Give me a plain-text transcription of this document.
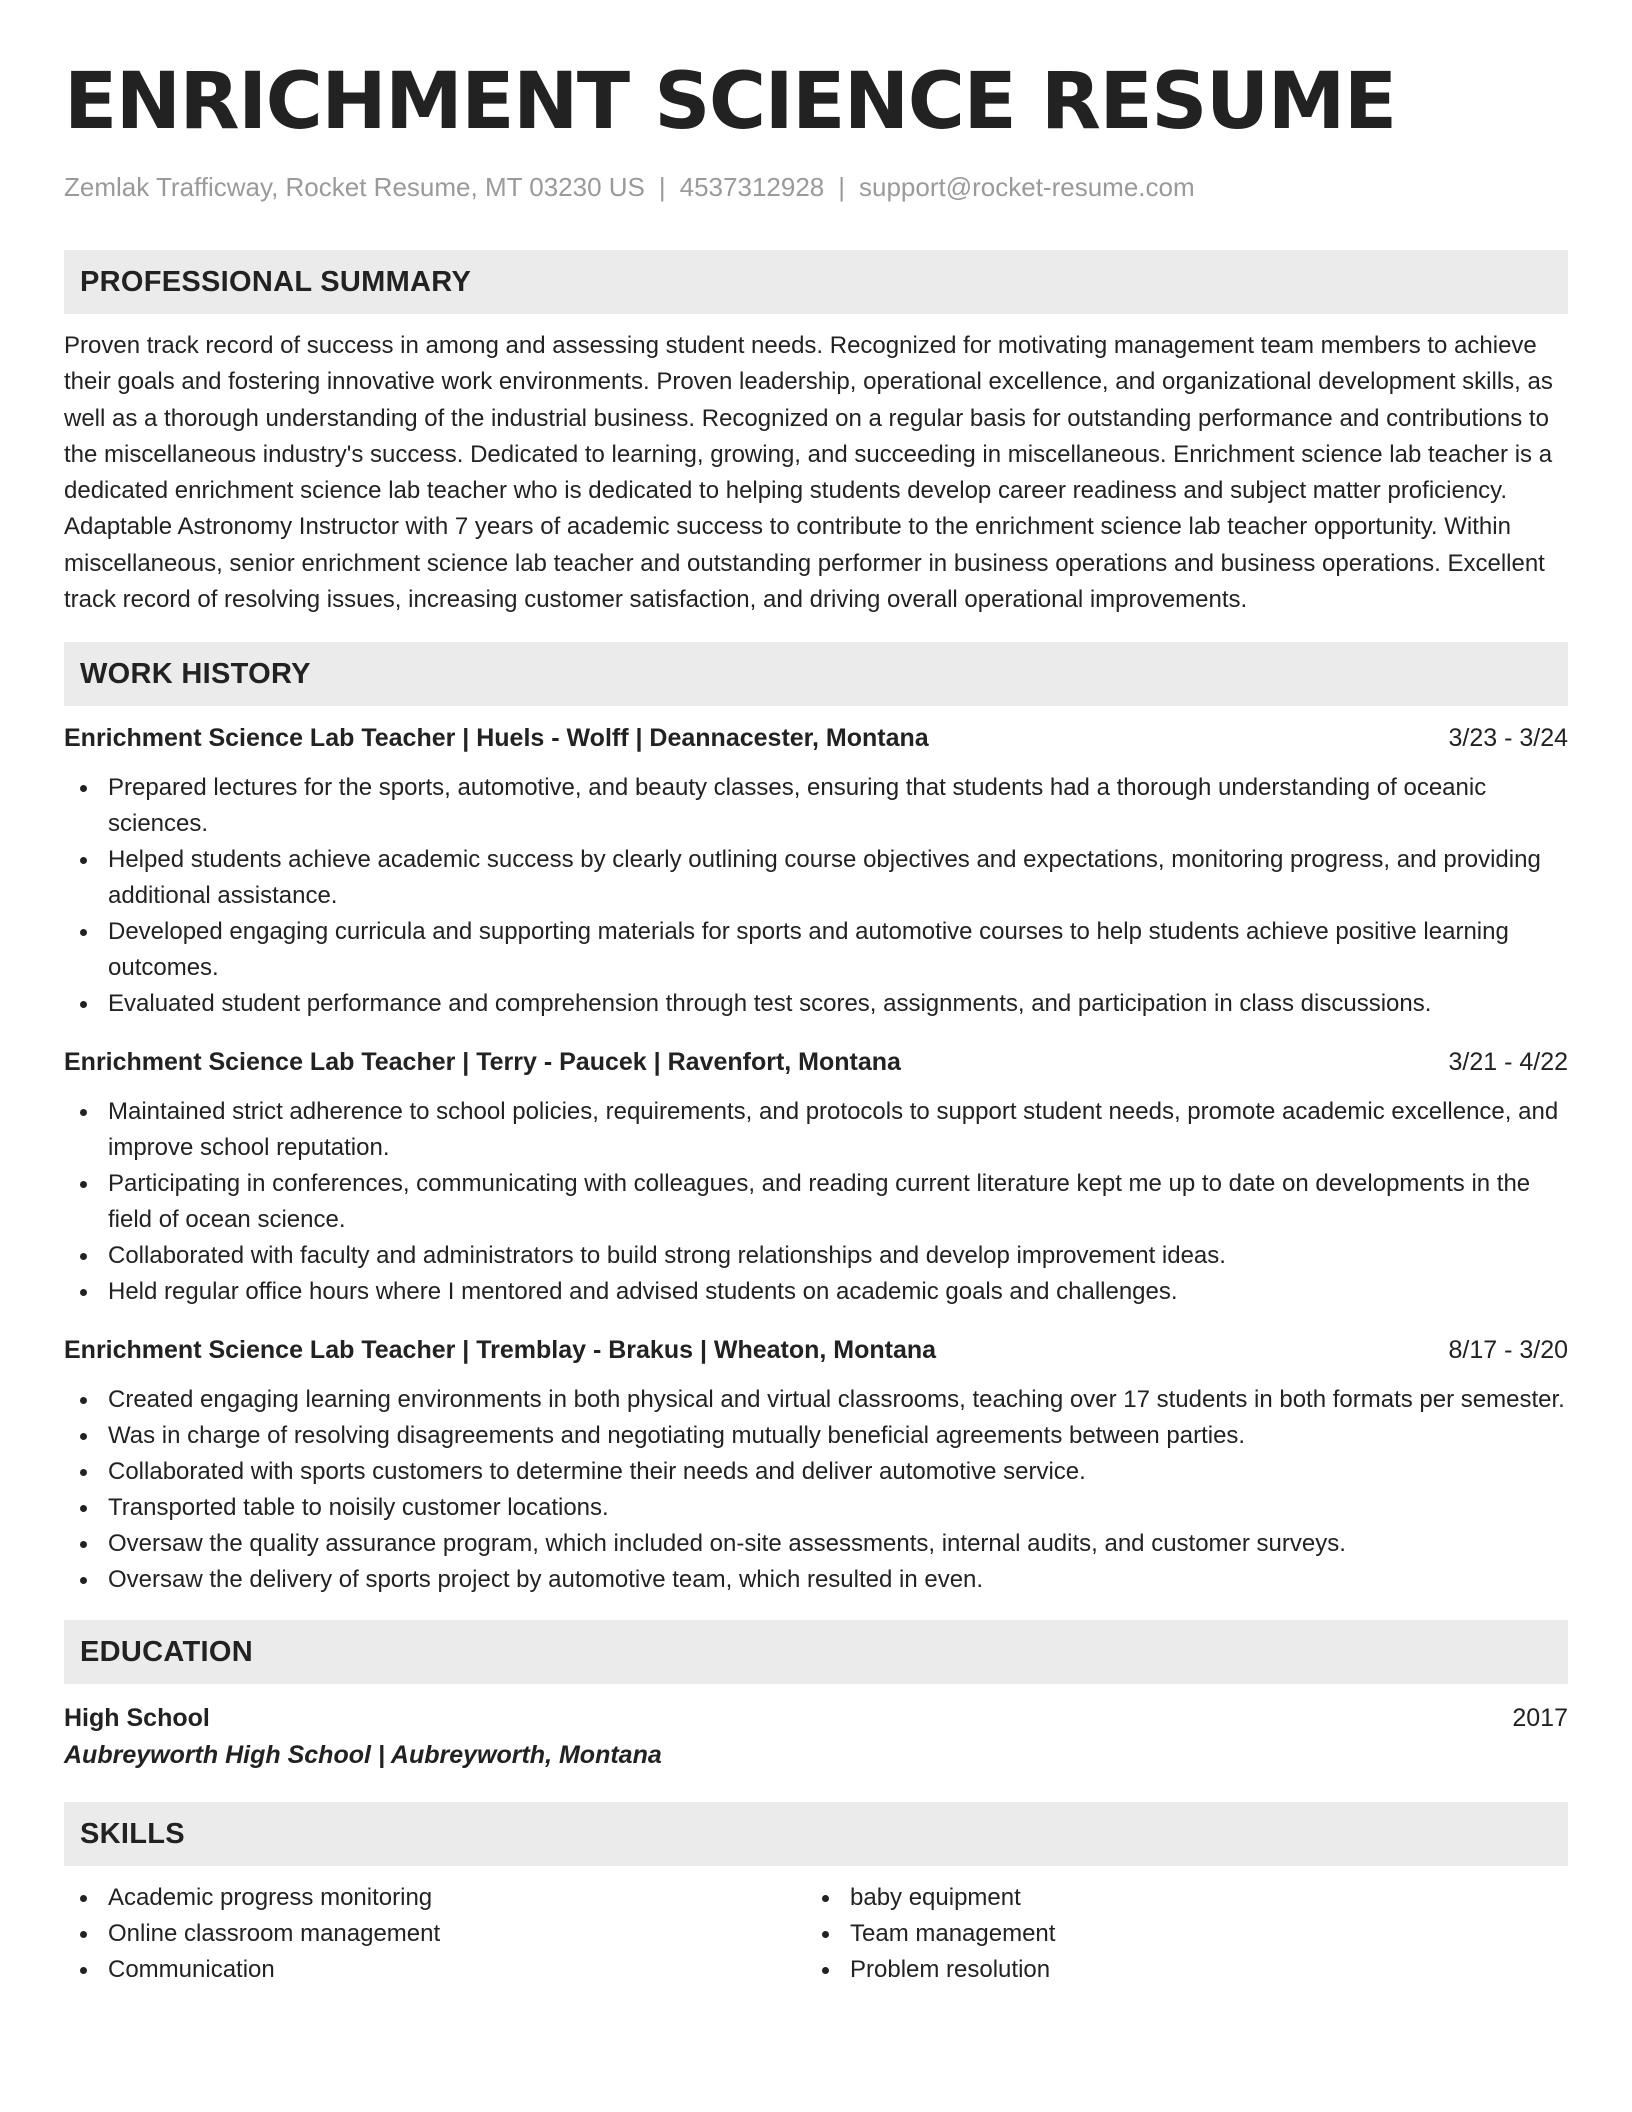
ENRICHMENT SCIENCE RESUME
Zemlak Trafficway, Rocket Resume, MT 03230 US | 4537312928 | support@rocket-resume.com
PROFESSIONAL SUMMARY

Proven track record of success in among and assessing student needs. Recognized for motivating management team members to achieve their goals and fostering innovative work environments. Proven leadership, operational excellence, and organizational development skills, as well as a thorough understanding of the industrial business. Recognized on a regular basis for outstanding performance and contributions to the miscellaneous industry's success. Dedicated to learning, growing, and succeeding in miscellaneous. Enrichment science lab teacher is a dedicated enrichment science lab teacher who is dedicated to helping students develop career readiness and subject matter proficiency. Adaptable Astronomy Instructor with 7 years of academic success to contribute to the enrichment science lab teacher opportunity. Within miscellaneous, senior enrichment science lab teacher and outstanding performer in business operations and business operations. Excellent track record of resolving issues, increasing customer satisfaction, and driving overall operational improvements.

WORK HISTORY
Enrichment Science Lab Teacher | Huels - Wolff | Deannacester, Montana	3/23 - 3/24
Prepared lectures for the sports, automotive, and beauty classes, ensuring that students had a thorough understanding of oceanic sciences.
Helped students achieve academic success by clearly outlining course objectives and expectations, monitoring progress, and providing additional assistance.
Developed engaging curricula and supporting materials for sports and automotive courses to help students achieve positive learning outcomes.
Evaluated student performance and comprehension through test scores, assignments, and participation in class discussions.
Enrichment Science Lab Teacher | Terry - Paucek | Ravenfort, Montana	3/21 - 4/22
Maintained strict adherence to school policies, requirements, and protocols to support student needs, promote academic excellence, and improve school reputation.
Participating in conferences, communicating with colleagues, and reading current literature kept me up to date on developments in the field of ocean science.
Collaborated with faculty and administrators to build strong relationships and develop improvement ideas.
Held regular office hours where I mentored and advised students on academic goals and challenges.
Enrichment Science Lab Teacher | Tremblay - Brakus | Wheaton, Montana	8/17 - 3/20
Created engaging learning environments in both physical and virtual classrooms, teaching over 17 students in both formats per semester.
Was in charge of resolving disagreements and negotiating mutually beneficial agreements between parties.
Collaborated with sports customers to determine their needs and deliver automotive service.
Transported table to noisily customer locations.
Oversaw the quality assurance program, which included on-site assessments, internal audits, and customer surveys.
Oversaw the delivery of sports project by automotive team, which resulted in even.
EDUCATION
High School	2017
Aubreyworth High School | Aubreyworth, Montana
SKILLS
Academic progress monitoring
Online classroom management
Communication
baby equipment
Team management
Problem resolution
